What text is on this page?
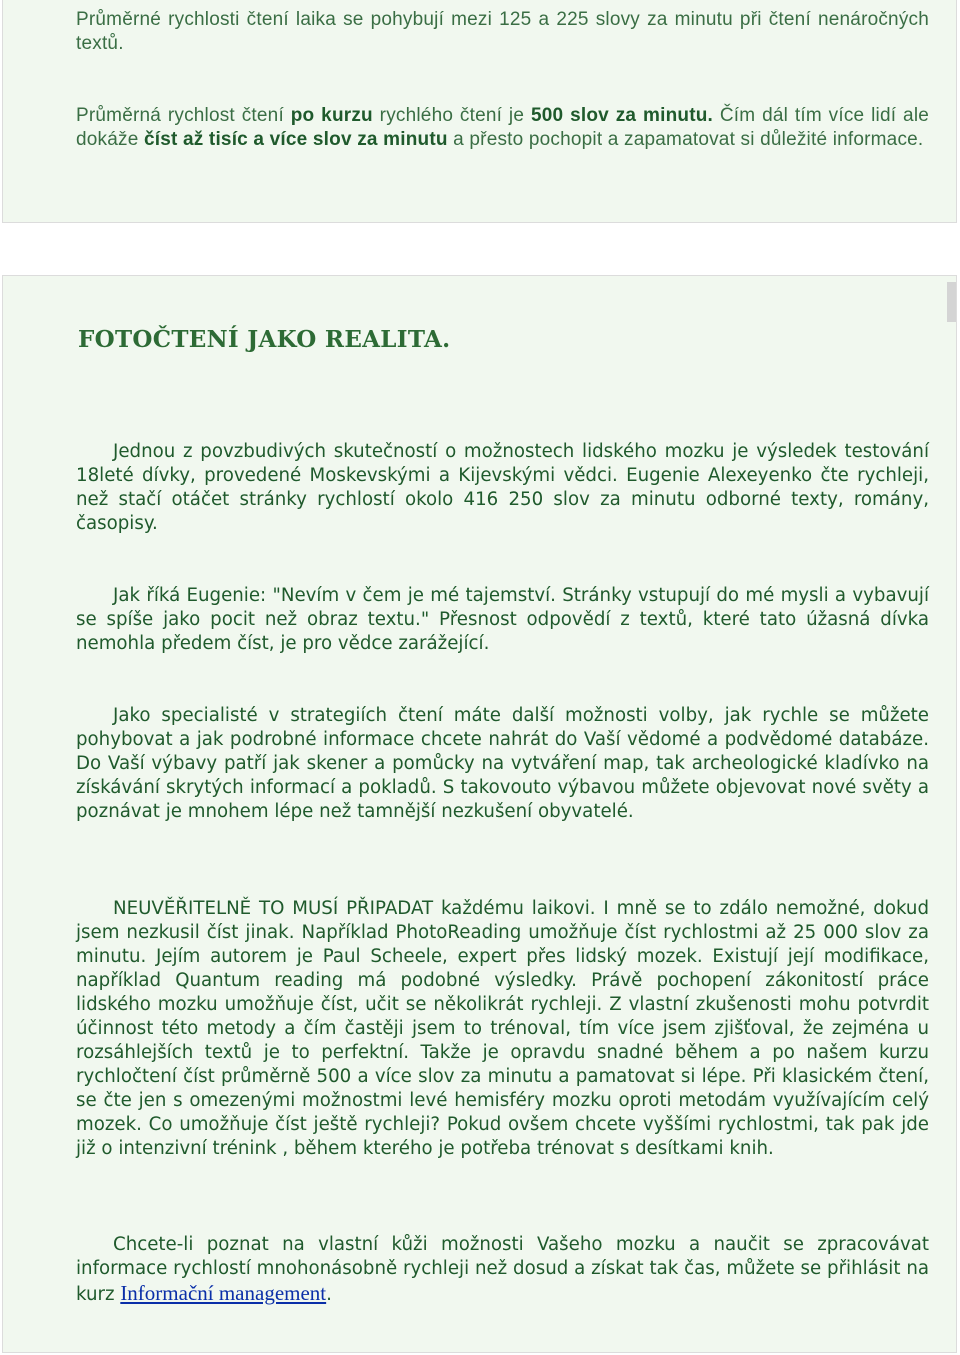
Průměrné rychlosti čtení laika se pohybují mezi 125 a 225 slovy za minutu při čtení nenáročných textů.

Průměrná rychlost čtení po kurzu rychlého čtení je 500 slov za minutu. Čím dál tím více lidí ale dokáže číst až tisíc a více slov za minutu a přesto pochopit a zapamatovat si důležité informace.

FOTOČTENÍ JAKO REALITA.

Jednou z povzbudivých skutečností o možnostech lidského mozku je výsledek testování 18leté dívky, provedené Moskevskými a Kijevskými vědci. Eugenie Alexeyenko čte rychleji, než stačí otáčet stránky rychlostí okolo 416 250 slov za minutu odborné texty, romány, časopisy.

Jak říká Eugenie: "Nevím v čem je mé tajemství. Stránky vstupují do mé mysli a vybavují se spíše jako pocit než obraz textu." Přesnost odpovědí z textů, které tato úžasná dívka nemohla předem číst, je pro vědce zarážející.

Jako specialisté v strategiích čtení máte další možnosti volby, jak rychle se můžete pohybovat a jak podrobné informace chcete nahrát do Vaší vědomé a podvědomé databáze. Do Vaší výbavy patří jak skener a pomůcky na vytváření map, tak archeologické kladívko na získávání skrytých informací a pokladů. S takovouto výbavou můžete objevovat nové světy a poznávat je mnohem lépe než tamnější nezkušení obyvatelé.

NEUVĚŘITELNĚ TO MUSÍ PŘIPADAT každému laikovi. I mně se to zdálo nemožné, dokud jsem nezkusil číst jinak. Například PhotoReading umožňuje číst rychlostmi až 25 000 slov za minutu. Jejím autorem je Paul Scheele, expert přes lidský mozek. Existují její modifikace, například Quantum reading má podobné výsledky. Právě pochopení zákonitostí práce lidského mozku umožňuje číst, učit se několikrát rychleji. Z vlastní zkušenosti mohu potvrdit účinnost této metody a čím častěji jsem to trénoval, tím více jsem zjišťoval, že zejména u rozsáhlejších textů je to perfektní. Takže je opravdu snadné během a po našem kurzu rychločtení číst průměrně 500 a více slov za minutu a pamatovat si lépe. Při klasickém čtení, se čte jen s omezenými možnostmi levé hemisféry mozku oproti metodám využívajícím celý mozek. Co umožňuje číst ještě rychleji? Pokud ovšem chcete vyššími rychlostmi, tak pak jde již o intenzivní trénink , během kterého je potřeba trénovat s desítkami knih.

Chcete-li poznat na vlastní kůži možnosti Vašeho mozku a naučit se zpracovávat informace rychlostí mnohonásobně rychleji než dosud a získat tak čas, můžete se přihlásit na kurz Informační management.
